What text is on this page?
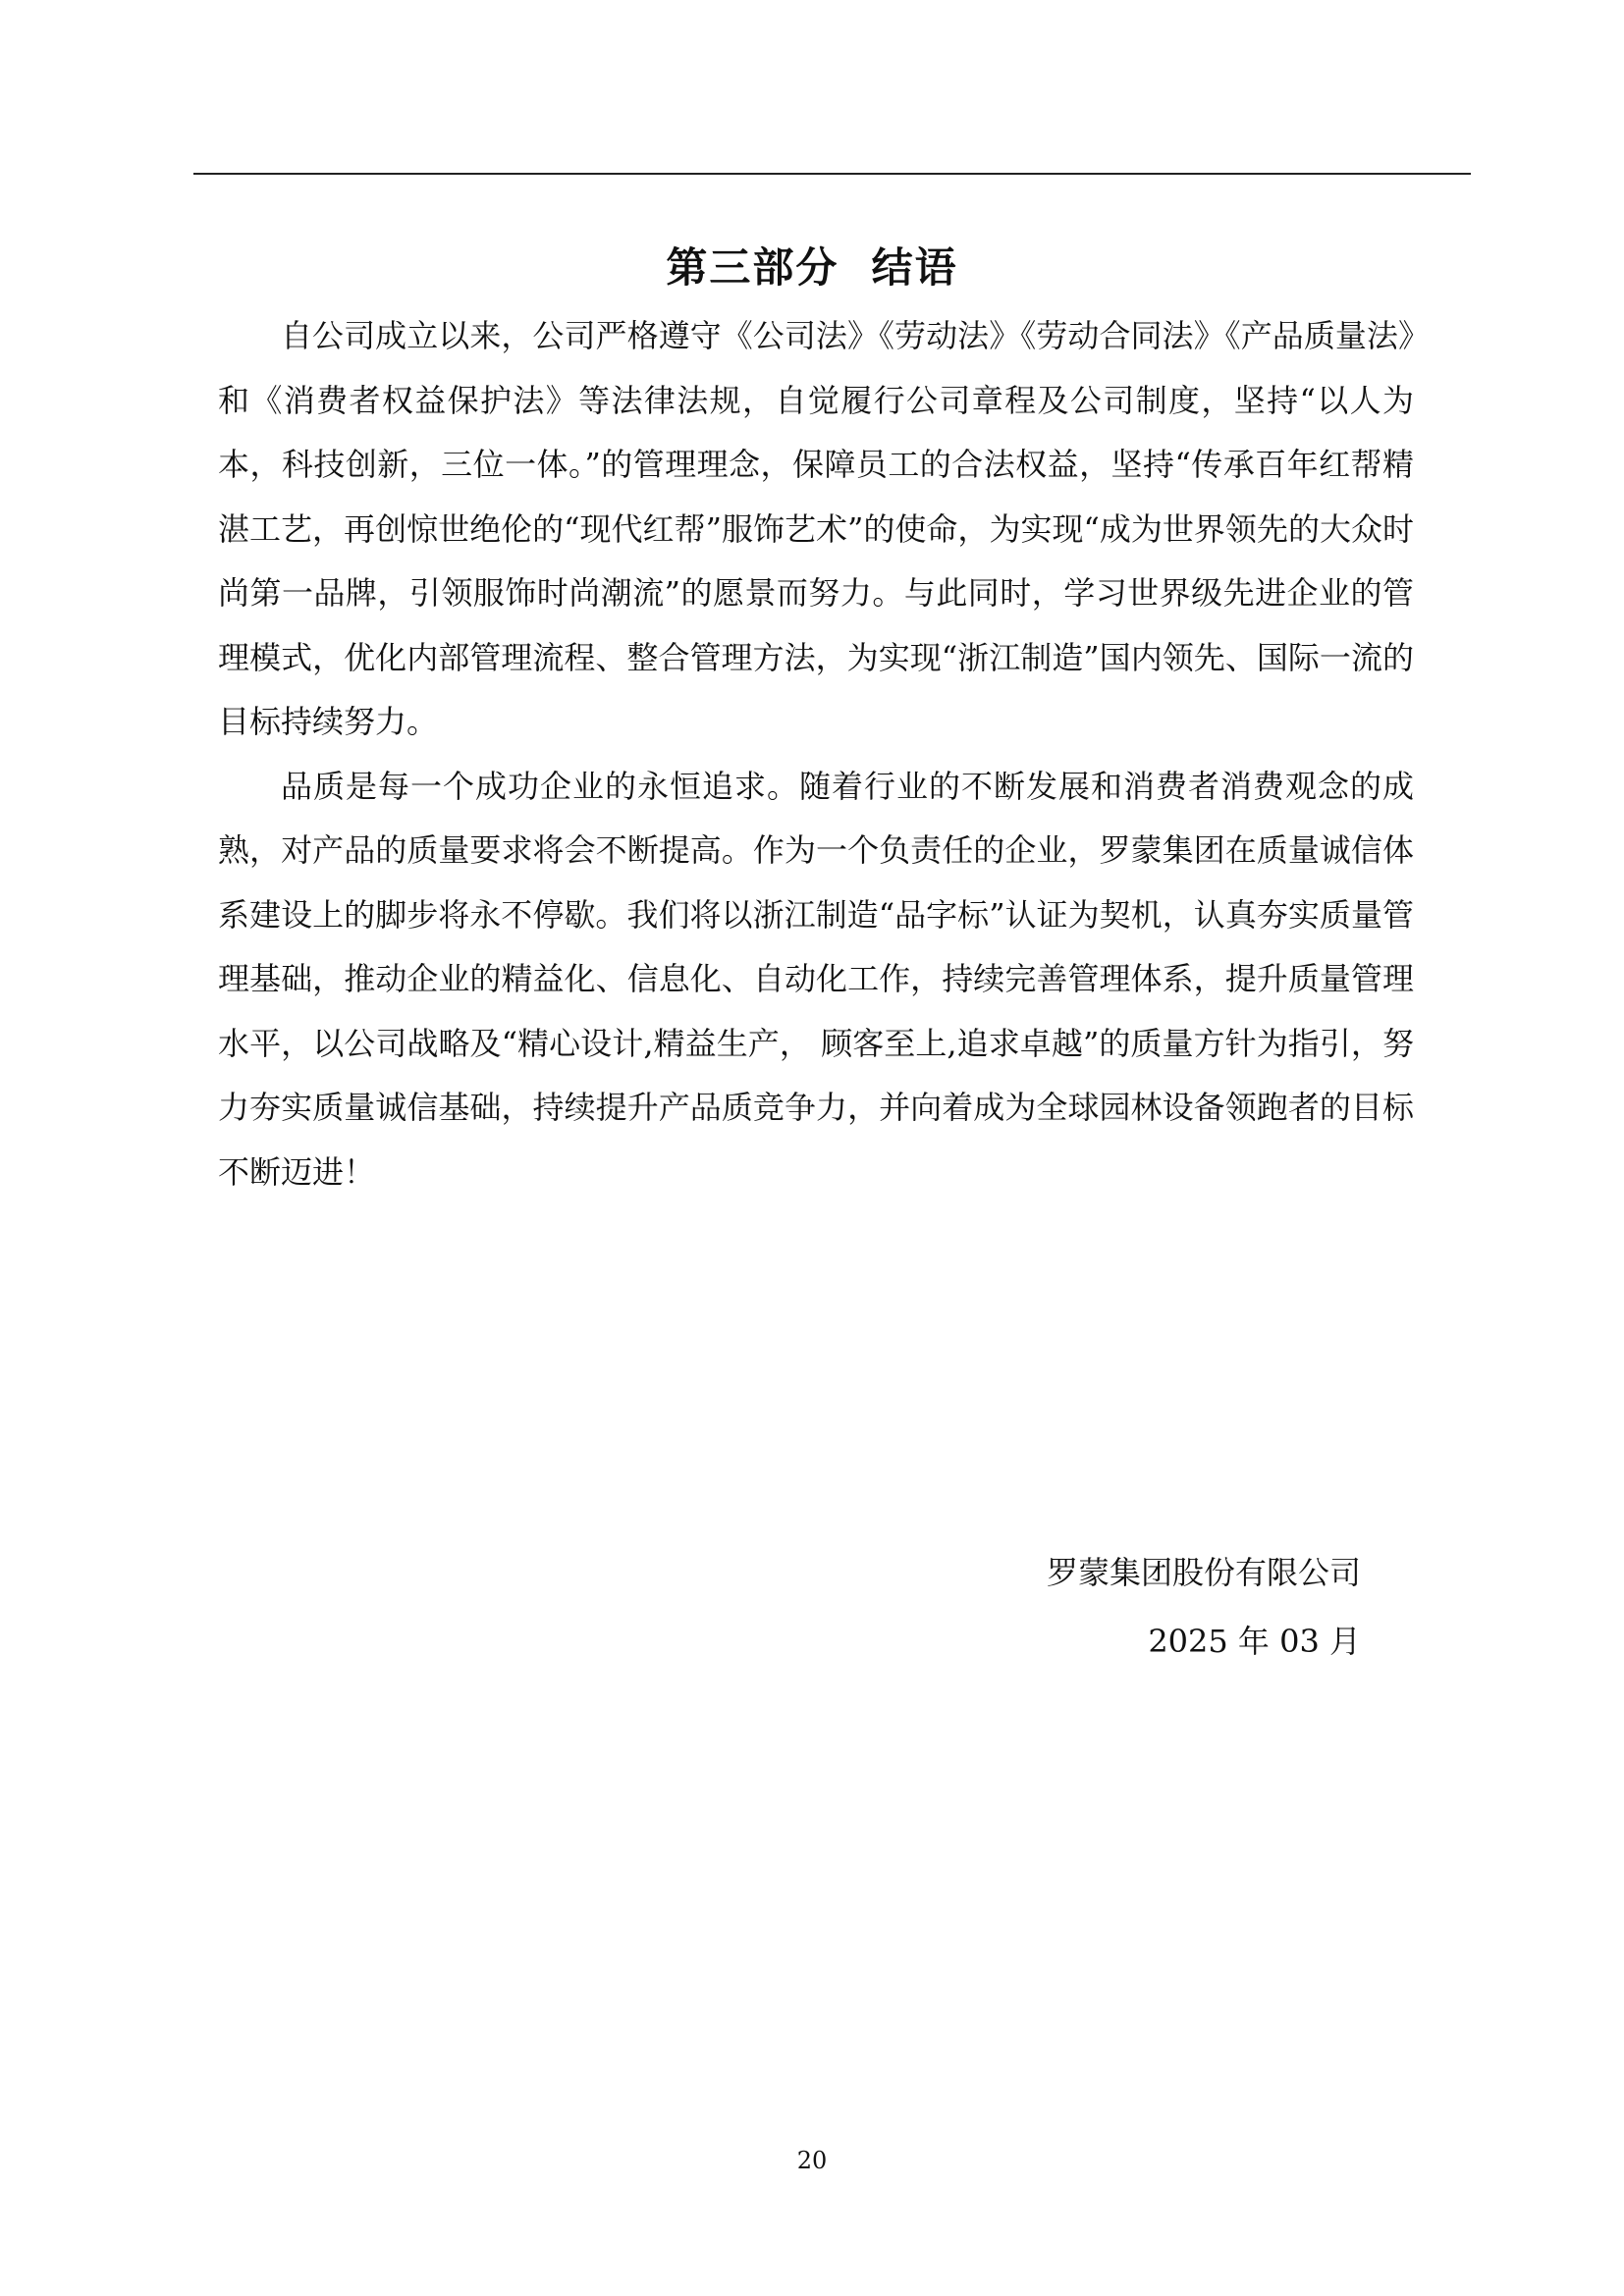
第三部分  结语

自公司成立以来，公司严格遵守《公司法》《劳动法》《劳动合同法》《产品质量法》和《消费者权益保护法》等法律法规，自觉履行公司章程及公司制度，坚持“以人为本，科技创新，三位一体。”的管理理念，保障员工的合法权益，坚持“传承百年红帮精湛工艺，再创惊世绝伦的“现代红帮”服饰艺术”的使命，为实现“成为世界领先的大众时尚第一品牌，引领服饰时尚潮流”的愿景而努力。与此同时，学习世界级先进企业的管理模式，优化内部管理流程、整合管理方法，为实现“浙江制造”国内领先、国际一流的目标持续努力。

品质是每一个成功企业的永恒追求。随着行业的不断发展和消费者消费观念的成熟，对产品的质量要求将会不断提高。作为一个负责任的企业，罗蒙集团在质量诚信体系建设上的脚步将永不停歇。我们将以浙江制造“品字标”认证为契机，认真夯实质量管理基础，推动企业的精益化、信息化、自动化工作，持续完善管理体系，提升质量管理水平，以公司战略及“精心设计,精益生产， 顾客至上,追求卓越”的质量方针为指引，努力夯实质量诚信基础，持续提升产品质竞争力，并向着成为全球园林设备领跑者的目标不断迈进！

罗蒙集团股份有限公司
2025 年 03 月
20
